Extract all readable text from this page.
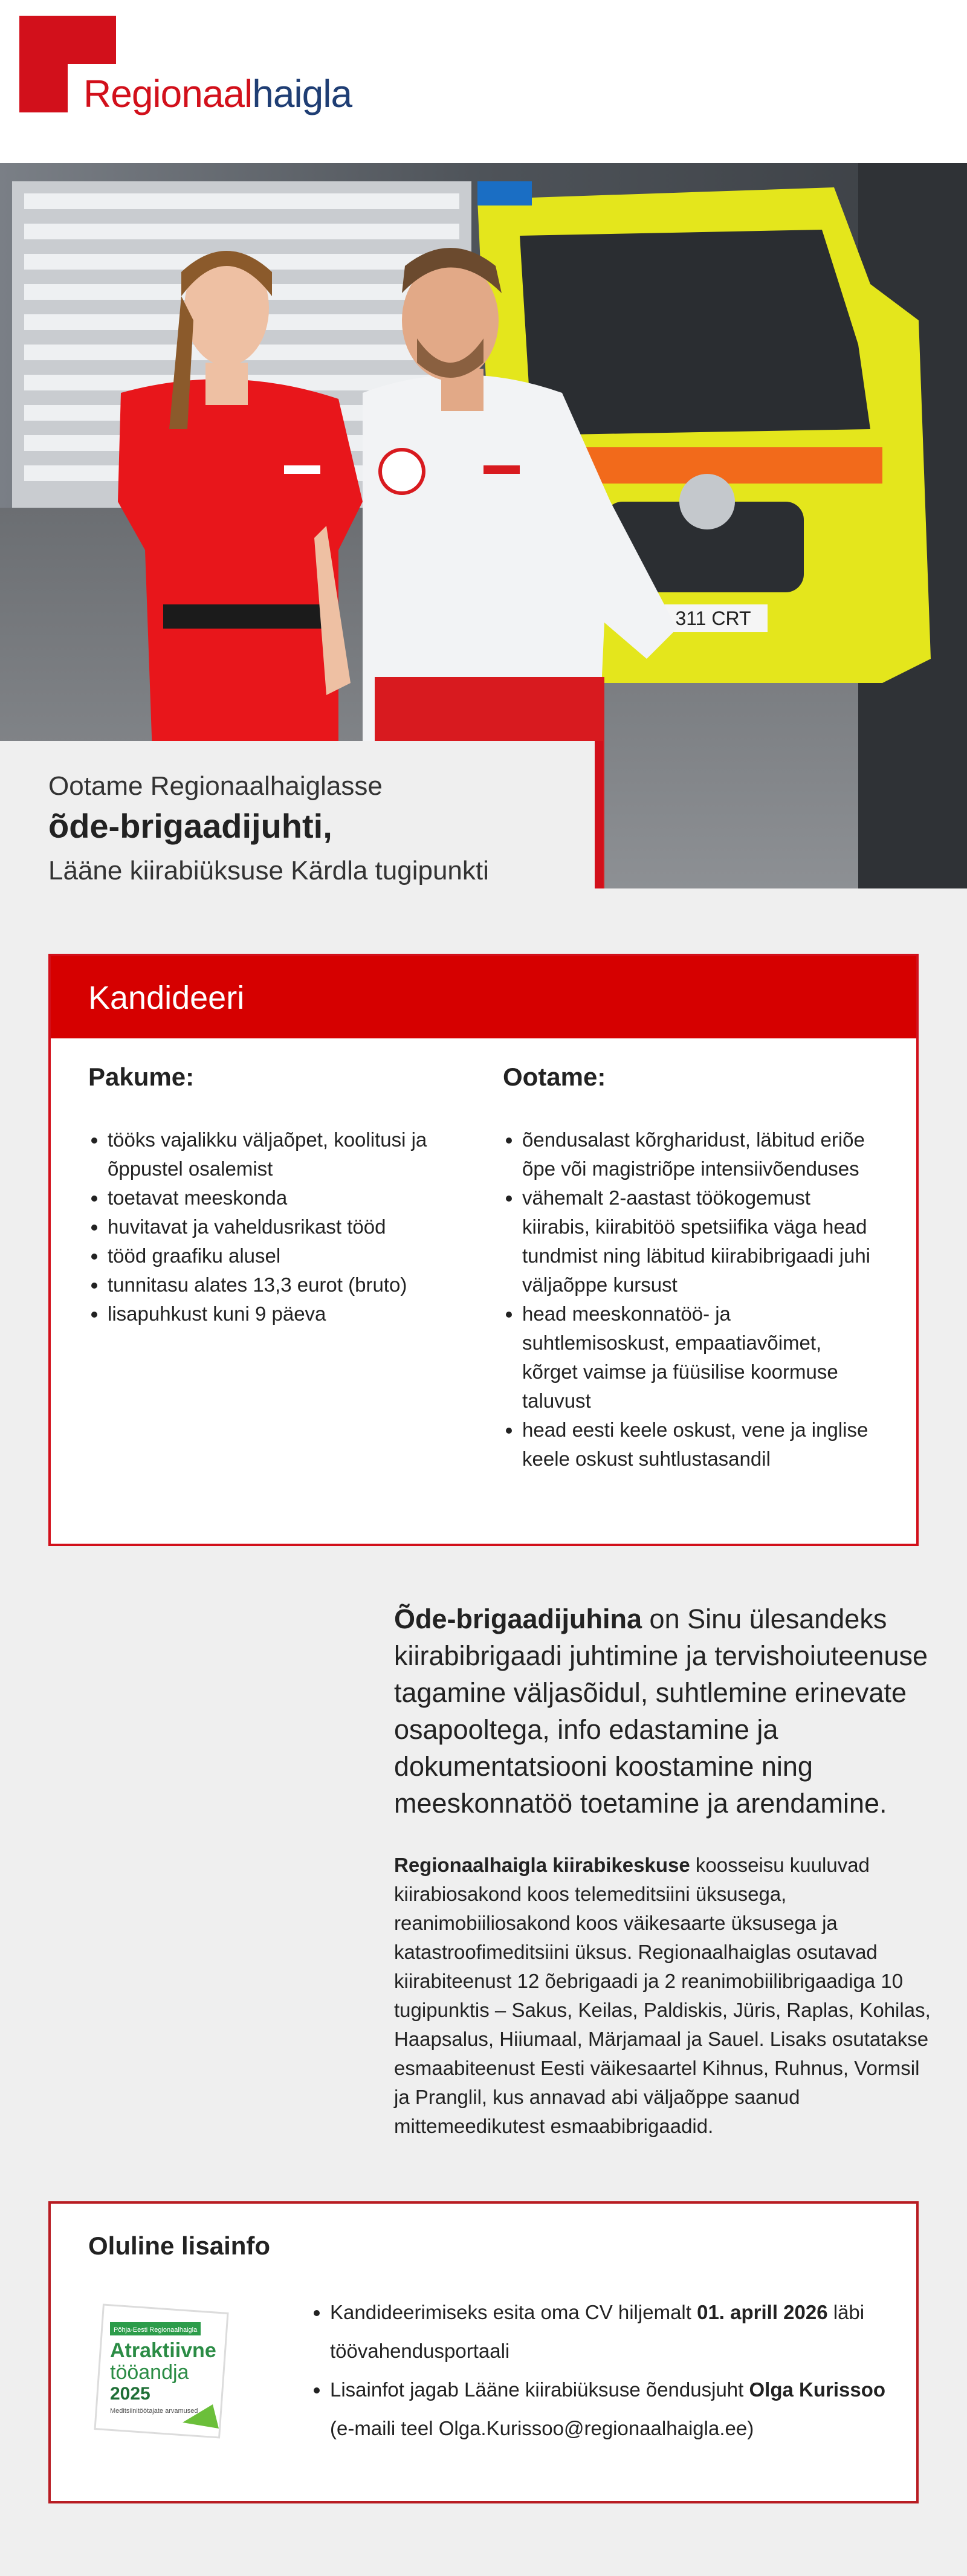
Regionaalhaigla
311 CRT
Ootame Regionaalhaiglasse
õde-brigaadijuhti,
Lääne kiirabiüksuse Kärdla tugipunkti
Kandideeri
Pakume:
• tööks vajalikku väljaõpet, koolitusi ja õppustel osalemist
• toetavat meeskonda
• huvitavat ja vaheldusrikast tööd
• tööd graafiku alusel
• tunnitasu alates 13,3 eurot (bruto)
• lisapuhkust kuni 9 päeva
Ootame:
• õendusalast kõrgharidust, läbitud eriõe õpe või magistriõpe intensiivõenduses
• vähemalt 2-aastast töökogemust kiirabis, kiirabitöö spetsiifika väga head tundmist ning läbitud kiirabibrigaadi juhi väljaõppe kursust
• head meeskonnatöö- ja suhtlemisoskust, empaatiavõimet, kõrget vaimse ja füüsilise koormuse taluvust
• head eesti keele oskust, vene ja inglise keele oskust suhtlustasandil

Õde-brigaadijuhina on Sinu ülesandeks kiirabibrigaadi juhtimine ja tervishoiuteenuse tagamine väljasõidul, suhtlemine erinevate osapooltega, info edastamine ja dokumentatsiooni koostamine ning meeskonnatöö toetamine ja arendamine.

Regionaalhaigla kiirabikeskuse koosseisu kuuluvad kiirabiosakond koos telemeditsiini üksusega, reanimobiiliosakond koos väikesaarte üksusega ja katastroofimeditsiini üksus. Regionaalhaiglas osutavad kiirabiteenust 12 õebrigaadi ja 2 reanimobiilibrigaadiga 10 tugipunktis – Sakus, Keilas, Paldiskis, Jüris, Raplas, Kohilas, Haapsalus, Hiiumaal, Märjamaal ja Sauel. Lisaks osutatakse esmaabiteenust Eesti väikesaartel Kihnus, Ruhnus, Vormsil ja Pranglil, kus annavad abi väljaõppe saanud mittemeedikutest esmaabibrigaadid.

Oluline lisainfo
Põhja-Eesti Regionaalhaigla
Atraktiivne
tööandja
2025
Meditsiinitöötajate arvamused
• Kandideerimiseks esita oma CV hiljemalt 01. aprill 2026 läbi töövahendusportaali
• Lisainfot jagab Lääne kiirabiüksuse õendusjuht Olga Kurissoo (e-maili teel Olga.Kurissoo@regionaalhaigla.ee)
